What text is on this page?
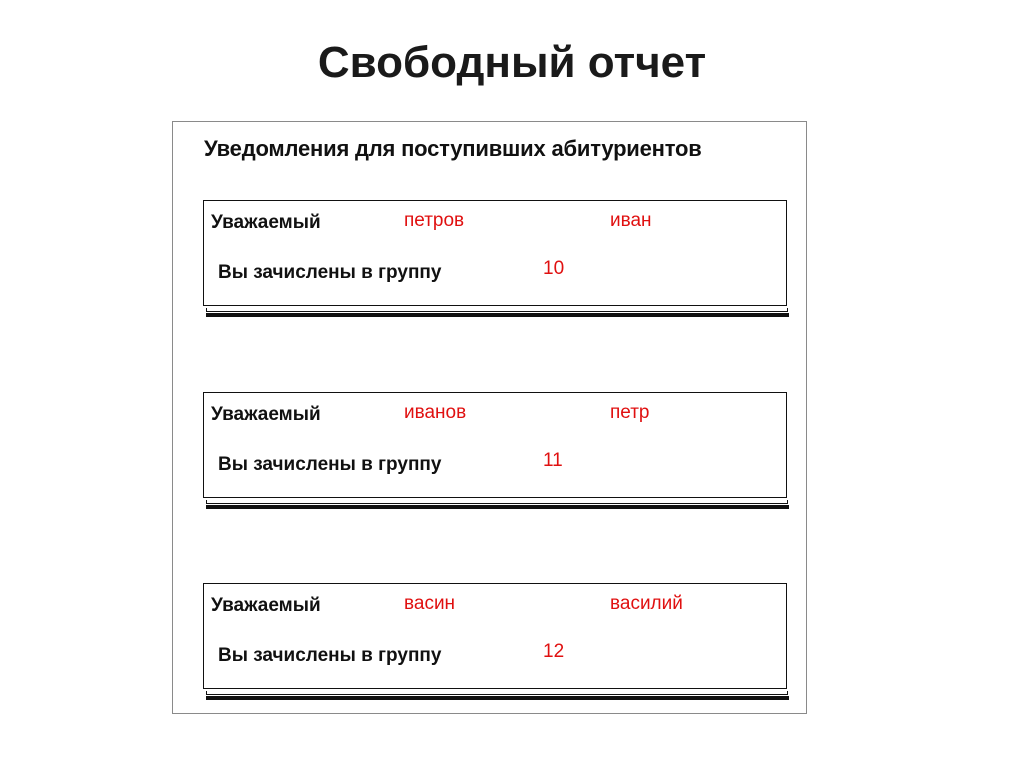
Свободный отчет
Уведомления для поступивших абитуриентов
Уважаемый	петров	иван
Вы зачислены в группу	10
Уважаемый	иванов	петр
Вы зачислены в группу	11
Уважаемый	васин	василий
Вы зачислены в группу	12
